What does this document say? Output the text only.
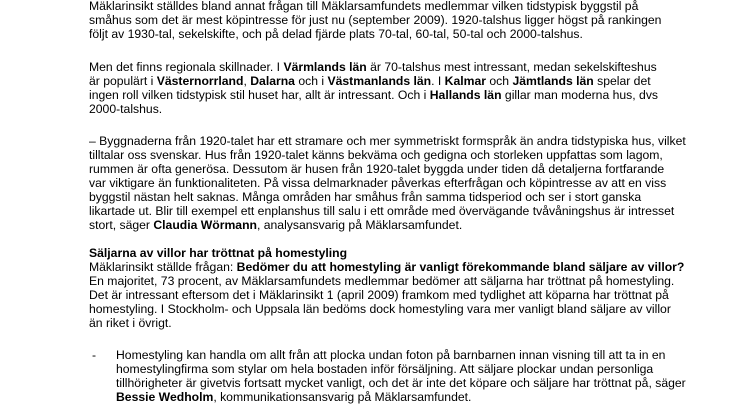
Mäklarinsikt ställdes bland annat frågan till Mäklarsamfundets medlemmar vilken tidstypisk byggstil på
småhus som det är mest köpintresse för just nu (september 2009). 1920-talshus ligger högst på rankingen
följt av 1930-tal, sekelskifte, och på delad fjärde plats 70-tal, 60-tal, 50-tal och 2000-talshus.
Men det finns regionala skillnader. I Värmlands län är 70-talshus mest intressant, medan sekelskifteshus
är populärt i Västernorrland, Dalarna och i Västmanlands län. I Kalmar och Jämtlands län spelar det
ingen roll vilken tidstypisk stil huset har, allt är intressant. Och i Hallands län gillar man moderna hus, dvs
2000-talshus.
– Byggnaderna från 1920-talet har ett stramare och mer symmetriskt formspråk än andra tidstypiska hus, vilket
tilltalar oss svenskar. Hus från 1920-talet känns bekväma och gedigna och storleken uppfattas som lagom,
rummen är ofta generösa. Dessutom är husen från 1920-talet byggda under tiden då detaljerna fortfarande
var viktigare än funktionaliteten. På vissa delmarknader påverkas efterfrågan och köpintresse av att en viss
byggstil nästan helt saknas. Många områden har småhus från samma tidsperiod och ser i stort ganska
likartade ut. Blir till exempel ett enplanshus till salu i ett område med övervägande tvåvåningshus är intresset
stort, säger Claudia Wörmann, analysansvarig på Mäklarsamfundet.
Säljarna av villor har tröttnat på homestyling
Mäklarinsikt ställde frågan: Bedömer du att homestyling är vanligt förekommande bland säljare av villor?
En majoritet, 73 procent, av Mäklarsamfundets medlemmar bedömer att säljarna har tröttnat på homestyling.
Det är intressant eftersom det i Mäklarinsikt 1 (april 2009) framkom med tydlighet att köparna har tröttnat på
homestyling. I Stockholm- och Uppsala län bedöms dock homestyling vara mer vanligt bland säljare av villor
än riket i övrigt.
- Homestyling kan handla om allt från att plocka undan foton på barnbarnen innan visning till att ta in en
homestylingfirma som stylar om hela bostaden inför försäljning. Att säljare plockar undan personliga
tillhörigheter är givetvis fortsatt mycket vanligt, och det är inte det köpare och säljare har tröttnat på, säger
Bessie Wedholm, kommunikationsansvarig på Mäklarsamfundet.
